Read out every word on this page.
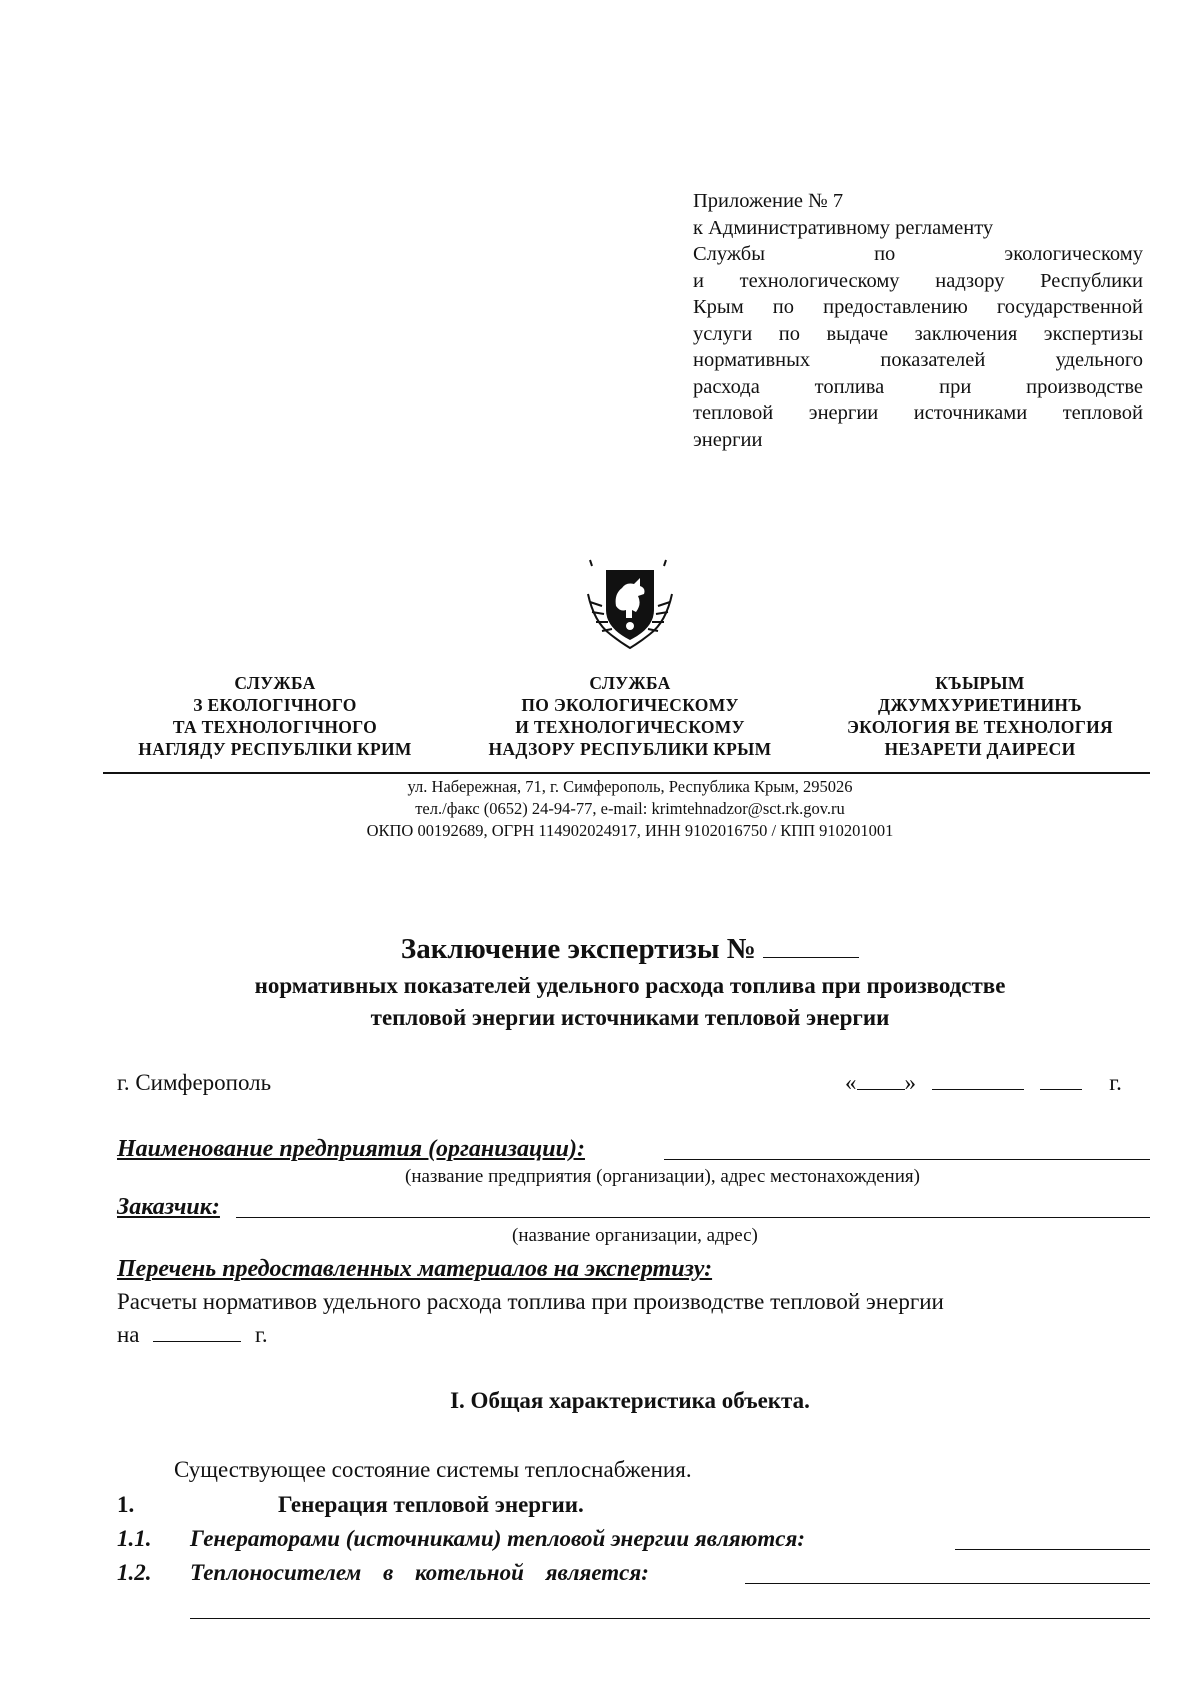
Приложение № 7
к Административному регламенту
Службы по экологическому
и технологическому надзору Республики
Крым по предоставлению государственной
услуги по выдаче заключения экспертизы
нормативных показателей удельного
расхода топлива при производстве
тепловой энергии источниками тепловой
энергии
СЛУЖБА
З ЕКОЛОГІЧНОГО
ТА ТЕХНОЛОГІЧНОГО
НАГЛЯДУ РЕСПУБЛІКИ КРИМ
СЛУЖБА
ПО ЭКОЛОГИЧЕСКОМУ
И ТЕХНОЛОГИЧЕСКОМУ
НАДЗОРУ РЕСПУБЛИКИ КРЫМ
КЪЫРЫМ
ДЖУМХУРИЕТИНИНЪ
ЭКОЛОГИЯ ВЕ ТЕХНОЛОГИЯ
НЕЗАРЕТИ ДАИРЕСИ
ул. Набережная, 71, г. Симферополь, Республика Крым, 295026
тел./факс (0652) 24-94-77, e-mail: krimtehnadzor@sct.rk.gov.ru
ОКПО 00192689, ОГРН 114902024917, ИНН 9102016750 / КПП 910201001
Заключение экспертизы №
нормативных показателей удельного расхода топлива при производстве
тепловой энергии источниками тепловой энергии
г. Симферополь	« »	г.
Наименование предприятия (организации):
(название предприятия (организации), адрес местонахождения)
Заказчик:
(название организации, адрес)
Перечень предоставленных материалов на экспертизу:
Расчеты нормативов удельного расхода топлива при производстве тепловой энергии
на	г.
I. Общая характеристика объекта.
Существующее состояние системы теплоснабжения.
1.	Генерация тепловой энергии.
1.1. Генераторами (источниками) тепловой энергии являются:
1.2. Теплоносителем в котельной является:
